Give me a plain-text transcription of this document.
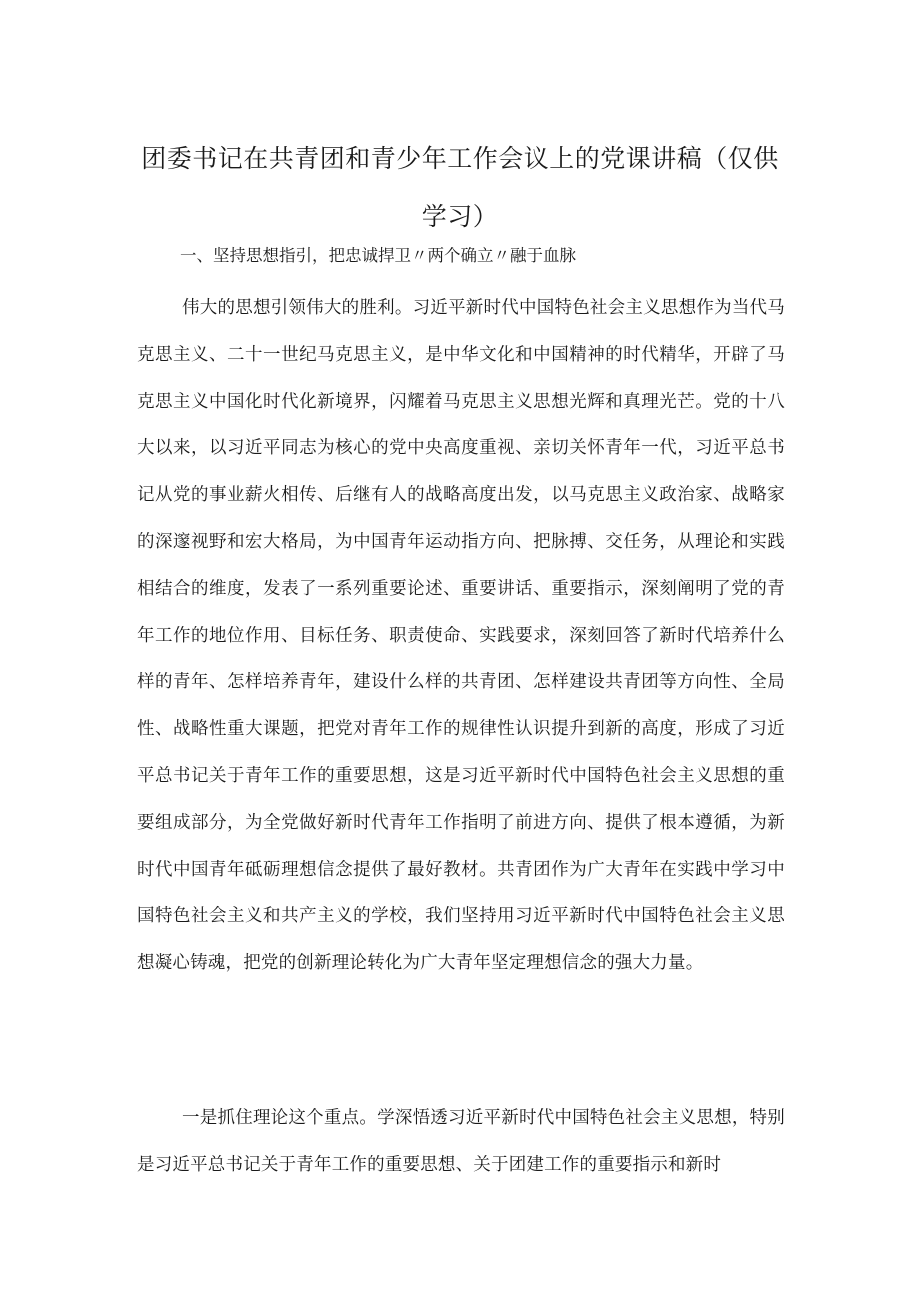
团委书记在共青团和青少年工作会议上的党课讲稿（仅供学习）

一、坚持思想指引，把忠诚捍卫〃两个确立〃融于血脉

伟大的思想引领伟大的胜利。习近平新时代中国特色社会主义思想作为当代马克思主义、二十一世纪马克思主义，是中华文化和中国精神的时代精华，开辟了马克思主义中国化时代化新境界，闪耀着马克思主义思想光辉和真理光芒。党的十八大以来，以习近平同志为核心的党中央高度重视、亲切关怀青年一代，习近平总书记从党的事业薪火相传、后继有人的战略高度出发，以马克思主义政治家、战略家的深邃视野和宏大格局，为中国青年运动指方向、把脉搏、交任务，从理论和实践相结合的维度，发表了一系列重要论述、重要讲话、重要指示，深刻阐明了党的青年工作的地位作用、目标任务、职责使命、实践要求，深刻回答了新时代培养什么样的青年、怎样培养青年，建设什么样的共青团、怎样建设共青团等方向性、全局性、战略性重大课题，把党对青年工作的规律性认识提升到新的高度，形成了习近平总书记关于青年工作的重要思想，这是习近平新时代中国特色社会主义思想的重要组成部分，为全党做好新时代青年工作指明了前进方向、提供了根本遵循，为新时代中国青年砥砺理想信念提供了最好教材。共青团作为广大青年在实践中学习中国特色社会主义和共产主义的学校，我们坚持用习近平新时代中国特色社会主义思想凝心铸魂，把党的创新理论转化为广大青年坚定理想信念的强大力量。

一是抓住理论这个重点。学深悟透习近平新时代中国特色社会主义思想，特别是习近平总书记关于青年工作的重要思想、关于团建工作的重要指示和新时
